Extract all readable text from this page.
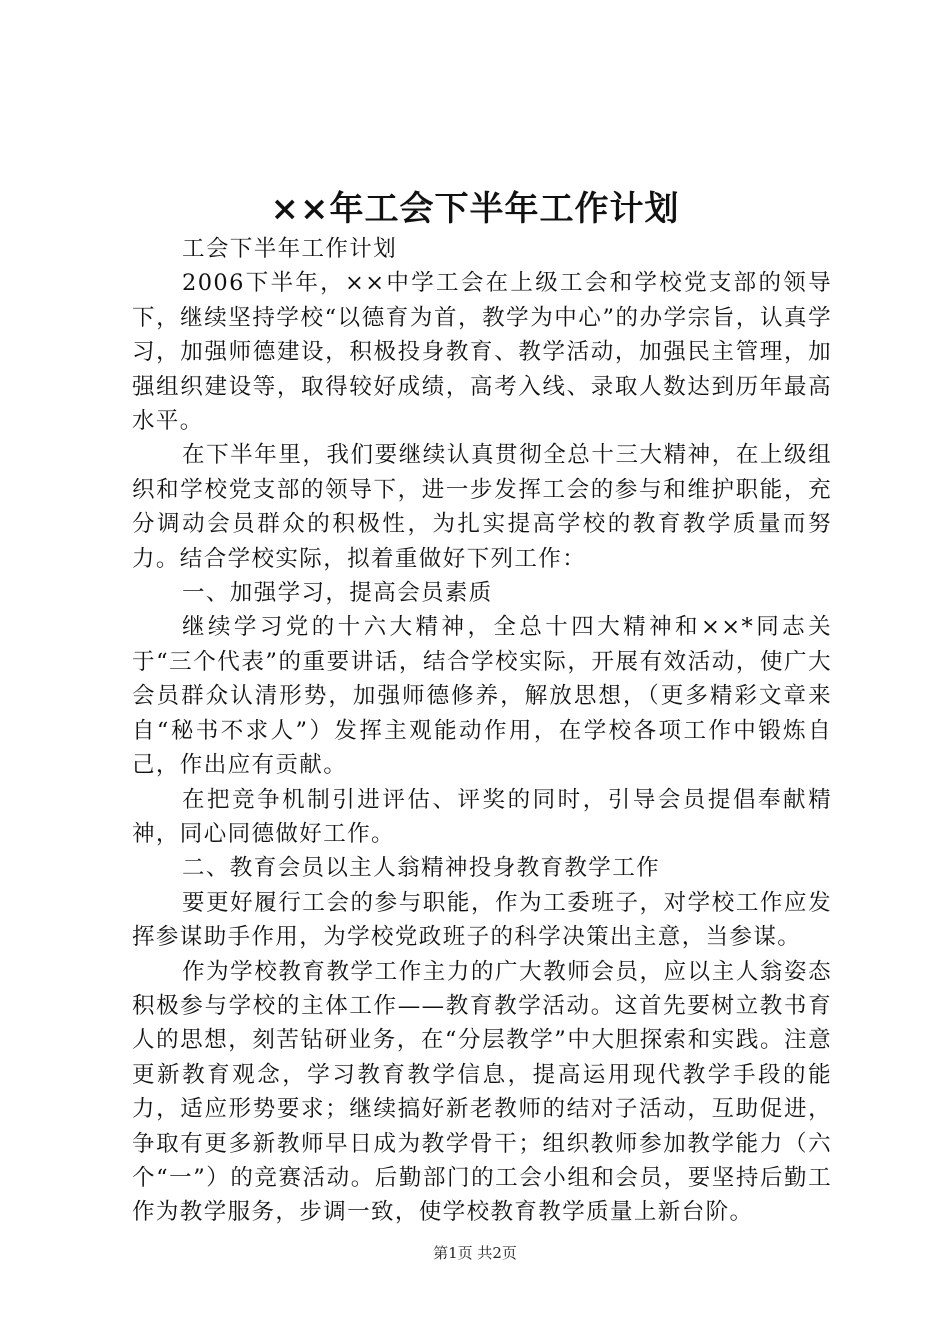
××年工会下半年工作计划

工会下半年工作计划

2006下半年，××中学工会在上级工会和学校党支部的领导下，继续坚持学校“以德育为首，教学为中心”的办学宗旨，认真学习，加强师德建设，积极投身教育、教学活动，加强民主管理，加强组织建设等，取得较好成绩，高考入线、录取人数达到历年最高水平。

在下半年里，我们要继续认真贯彻全总十三大精神，在上级组织和学校党支部的领导下，进一步发挥工会的参与和维护职能，充分调动会员群众的积极性，为扎实提高学校的教育教学质量而努力。结合学校实际，拟着重做好下列工作：

一、加强学习，提高会员素质

继续学习党的十六大精神，全总十四大精神和××*同志关于“三个代表”的重要讲话，结合学校实际，开展有效活动，使广大会员群众认清形势，加强师德修养，解放思想，（更多精彩文章来自“秘书不求人”）发挥主观能动作用，在学校各项工作中锻炼自己，作出应有贡献。

在把竞争机制引进评估、评奖的同时，引导会员提倡奉献精神，同心同德做好工作。

二、教育会员以主人翁精神投身教育教学工作

要更好履行工会的参与职能，作为工委班子，对学校工作应发挥参谋助手作用，为学校党政班子的科学决策出主意，当参谋。

作为学校教育教学工作主力的广大教师会员，应以主人翁姿态积极参与学校的主体工作——教育教学活动。这首先要树立教书育人的思想，刻苦钻研业务，在“分层教学”中大胆探索和实践。注意更新教育观念，学习教育教学信息，提高运用现代教学手段的能力，适应形势要求；继续搞好新老教师的结对子活动，互助促进，争取有更多新教师早日成为教学骨干；组织教师参加教学能力（六个“一”）的竞赛活动。后勤部门的工会小组和会员，要坚持后勤工作为教学服务，步调一致，使学校教育教学质量上新台阶。

第1页 共2页
